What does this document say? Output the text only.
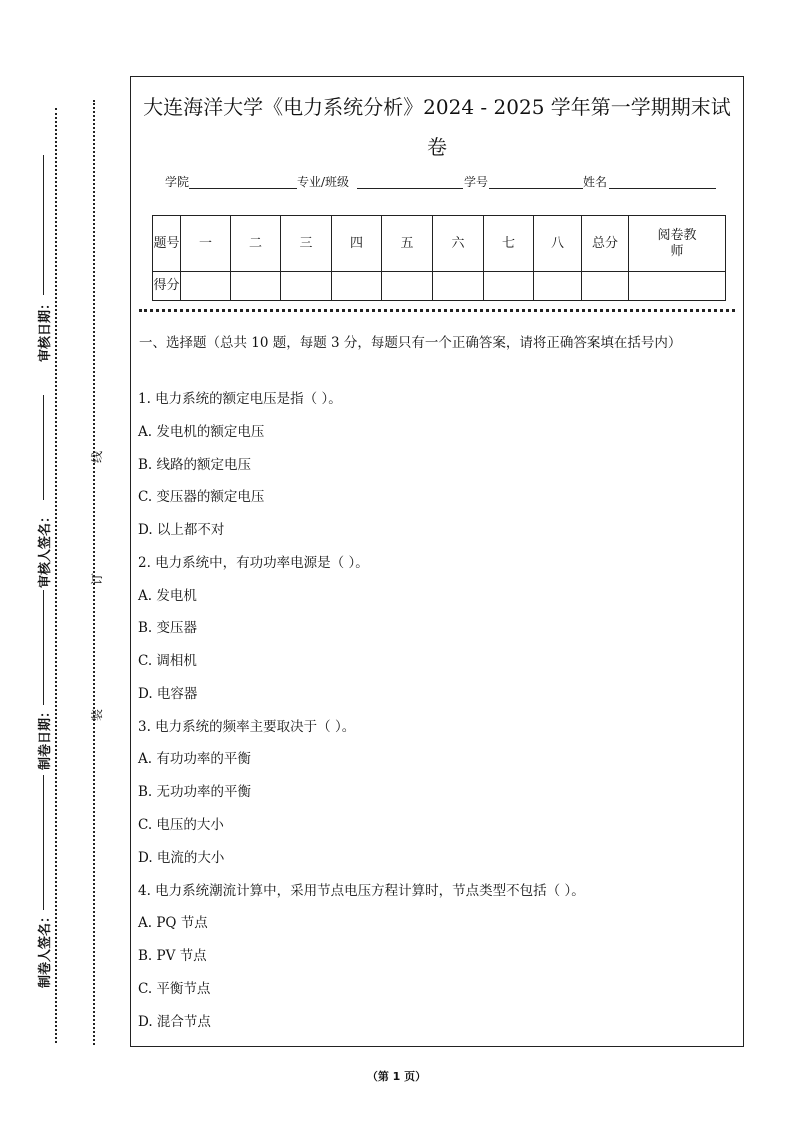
审核日期：
审核人签名：
制卷日期：
制卷人签名：
线
订
装
大连海洋大学《电力系统分析》2024 - 2025 学年第一学期期末试
卷
学院	专业/班级	学号	姓名
题号	一	二	三	四	五	六	七	八	总分	阅卷教师
得分										
一、选择题（总共 10 题，每题 3 分，每题只有一个正确答案，请将正确答案填在括号内）
1. 电力系统的额定电压是指（ ）。
A. 发电机的额定电压
B. 线路的额定电压
C. 变压器的额定电压
D. 以上都不对
2. 电力系统中，有功功率电源是（ ）。
A. 发电机
B. 变压器
C. 调相机
D. 电容器
3. 电力系统的频率主要取决于（ ）。
A. 有功功率的平衡
B. 无功功率的平衡
C. 电压的大小
D. 电流的大小
4. 电力系统潮流计算中，采用节点电压方程计算时，节点类型不包括（ ）。
A. PQ 节点
B. PV 节点
C. 平衡节点
D. 混合节点
（第 1 页）
